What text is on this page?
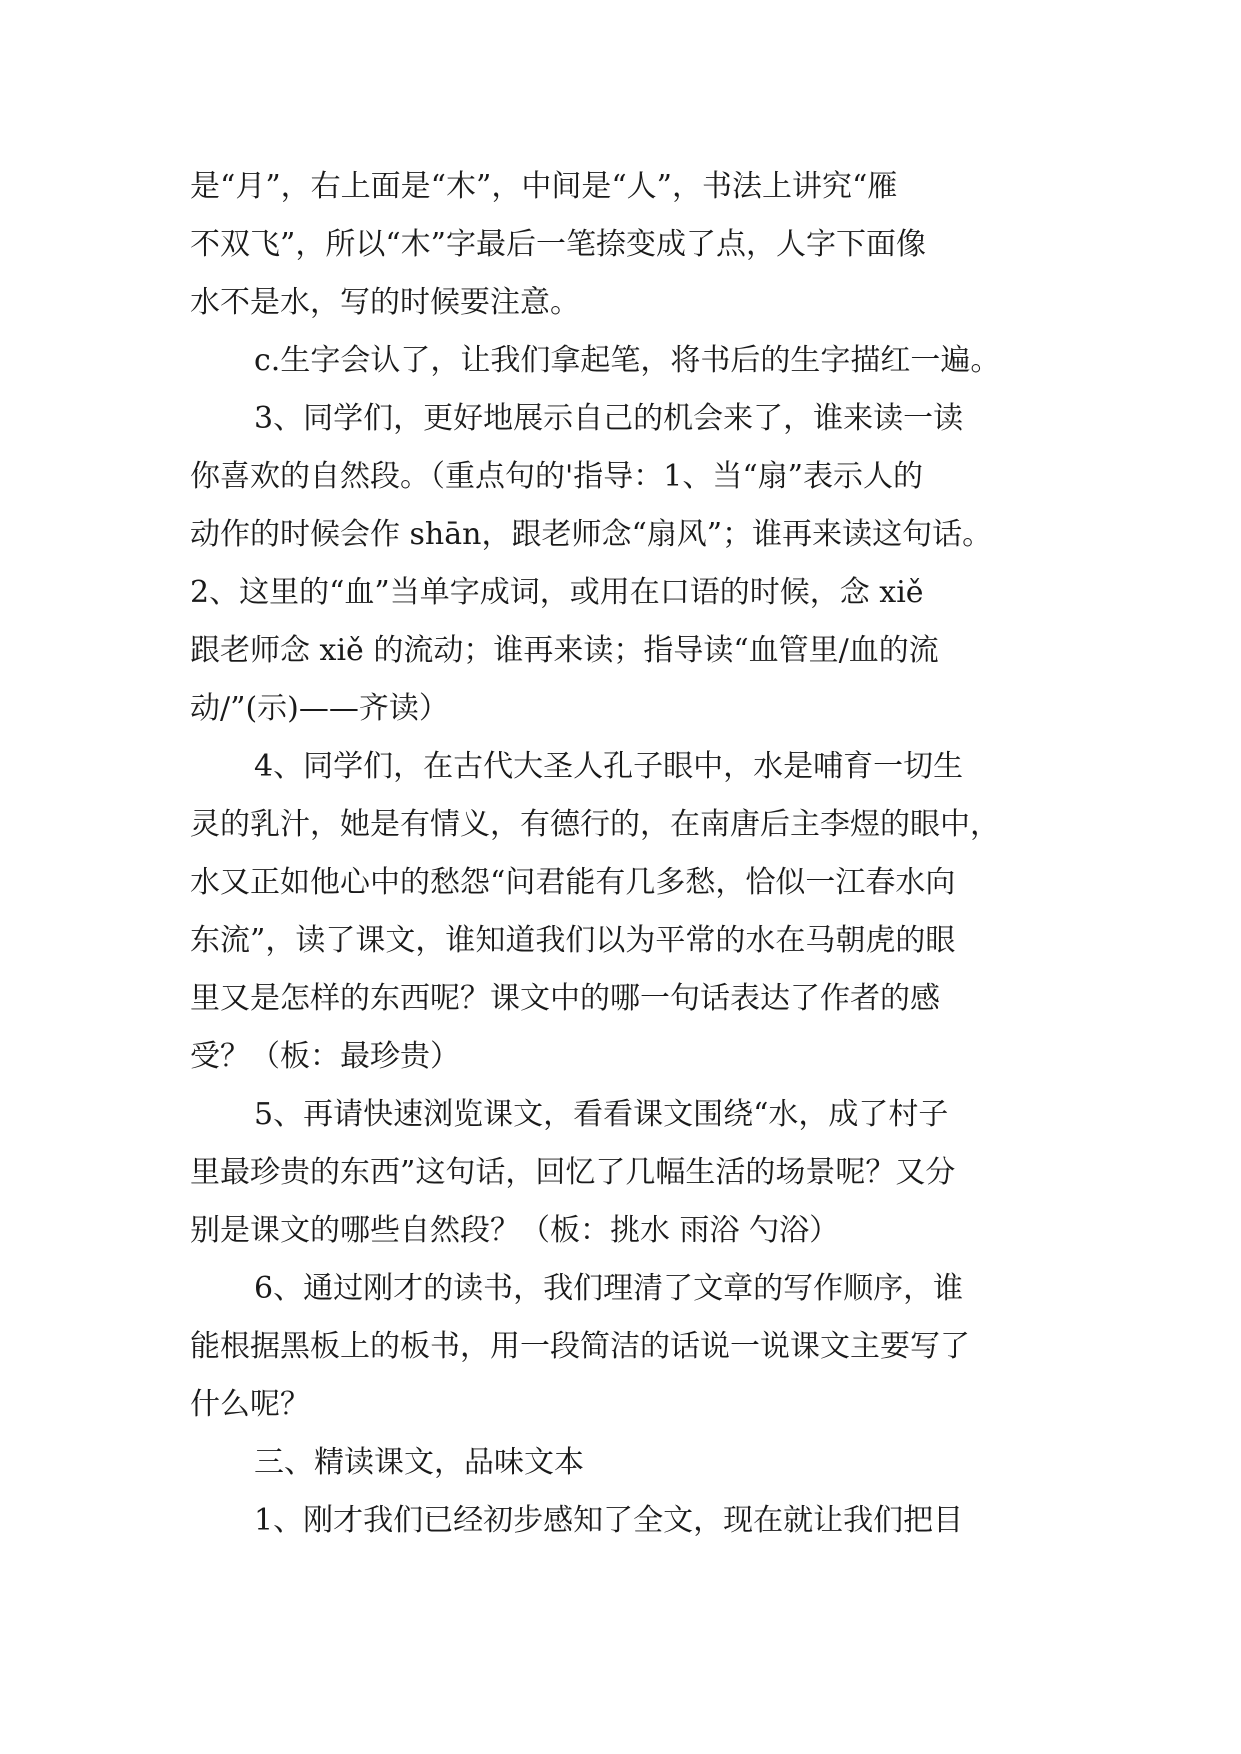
是“月”，右上面是“木”，中间是“人”，书法上讲究“雁
不双飞”，所以“木”字最后一笔捺变成了点，人字下面像
水不是水，写的时候要注意。
c.生字会认了，让我们拿起笔，将书后的生字描红一遍。
3、同学们，更好地展示自己的机会来了，谁来读一读
你喜欢的自然段。（重点句的'指导：1、当“扇”表示人的
动作的时候会作 shān，跟老师念“扇风”；谁再来读这句话。
2、这里的“血”当单字成词，或用在口语的时候，念 xiě
跟老师念 xiě 的流动；谁再来读；指导读“血管里/血的流
动/”(示)——齐读）
4、同学们，在古代大圣人孔子眼中，水是哺育一切生
灵的乳汁，她是有情义，有德行的，在南唐后主李煜的眼中，
水又正如他心中的愁怨“问君能有几多愁，恰似一江春水向
东流”，读了课文，谁知道我们以为平常的水在马朝虎的眼
里又是怎样的东西呢？课文中的哪一句话表达了作者的感
受？（板：最珍贵）
5、再请快速浏览课文，看看课文围绕“水，成了村子
里最珍贵的东西”这句话，回忆了几幅生活的场景呢？又分
别是课文的哪些自然段？（板：挑水 雨浴 勺浴）
6、通过刚才的读书，我们理清了文章的写作顺序，谁
能根据黑板上的板书，用一段简洁的话说一说课文主要写了
什么呢？
三、精读课文，品味文本
1、刚才我们已经初步感知了全文，现在就让我们把目
